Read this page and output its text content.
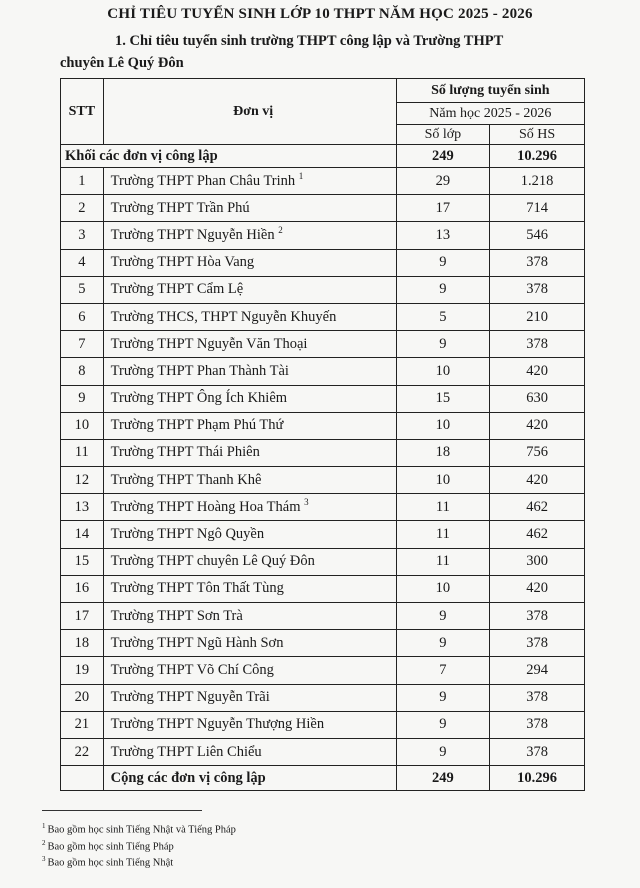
CHỈ TIÊU TUYỂN SINH LỚP 10 THPT NĂM HỌC 2025 - 2026
1. Chỉ tiêu tuyển sinh trường THPT công lập và Trường THPT
chuyên Lê Quý Đôn
STT	Đơn vị	Số lượng tuyển sinh	
		Năm học 2025 - 2026	
		Số lớp	Số HS
Khối các đơn vị công lập		249	10.296
1	Trường THPT Phan Châu Trinh $^1$	29	1.218
2	Trường THPT Trần Phú	17	714
3	Trường THPT Nguyễn Hiền $^2$	13	546
4	Trường THPT Hòa Vang	9	378
5	Trường THPT Cẩm Lệ	9	378
6	Trường THCS, THPT Nguyễn Khuyến	5	210
7	Trường THPT Nguyễn Văn Thoại	9	378
8	Trường THPT Phan Thành Tài	10	420
9	Trường THPT Ông Ích Khiêm	15	630
10	Trường THPT Phạm Phú Thứ	10	420
11	Trường THPT Thái Phiên	18	756
12	Trường THPT Thanh Khê	10	420
13	Trường THPT Hoàng Hoa Thám $^3$	11	462
14	Trường THPT Ngô Quyền	11	462
15	Trường THPT chuyên Lê Quý Đôn	11	300
16	Trường THPT Tôn Thất Tùng	10	420
17	Trường THPT Sơn Trà	9	378
18	Trường THPT Ngũ Hành Sơn	9	378
19	Trường THPT Võ Chí Công	7	294
20	Trường THPT Nguyễn Trãi	9	378
21	Trường THPT Nguyễn Thượng Hiền	9	378
22	Trường THPT Liên Chiểu	9	378
	Cộng các đơn vị công lập	249	10.296
$^1$ Bao gồm học sinh Tiếng Nhật và Tiếng Pháp
$^2$ Bao gồm học sinh Tiếng Pháp
$^3$ Bao gồm học sinh Tiếng Nhật
